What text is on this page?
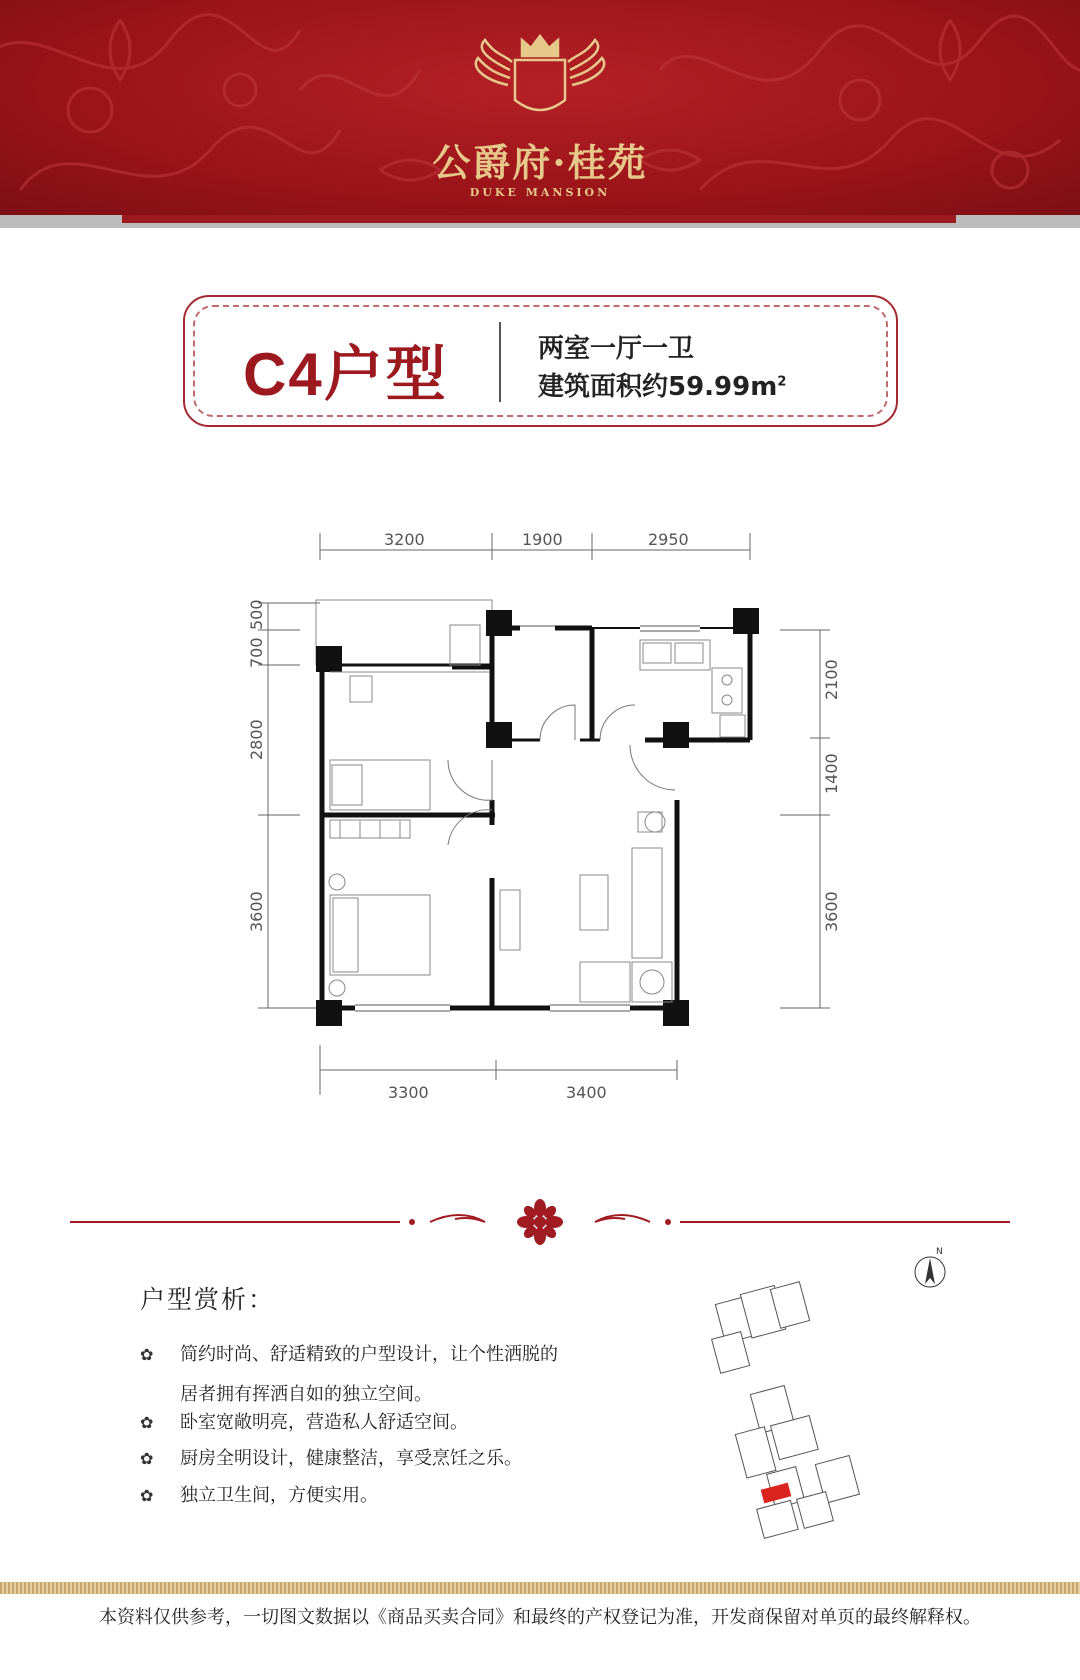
公爵府·桂苑
DUKE MANSION
C4户型	两室一厅一卫
建筑面积约$59.99m^2$
3200	1900	2950
3300	3400
700
500
2800
3600
2100
1400
3600
户型赏析：
✿ 简约时尚、舒适精致的户型设计，让个性洒脱的
居者拥有挥洒自如的独立空间。
✿ 卧室宽敞明亮，营造私人舒适空间。
✿ 厨房全明设计，健康整洁，享受烹饪之乐。
✿ 独立卫生间，方便实用。
N
本资料仅供参考，一切图文数据以《商品买卖合同》和最终的产权登记为准，开发商保留对单页的最终解释权。
